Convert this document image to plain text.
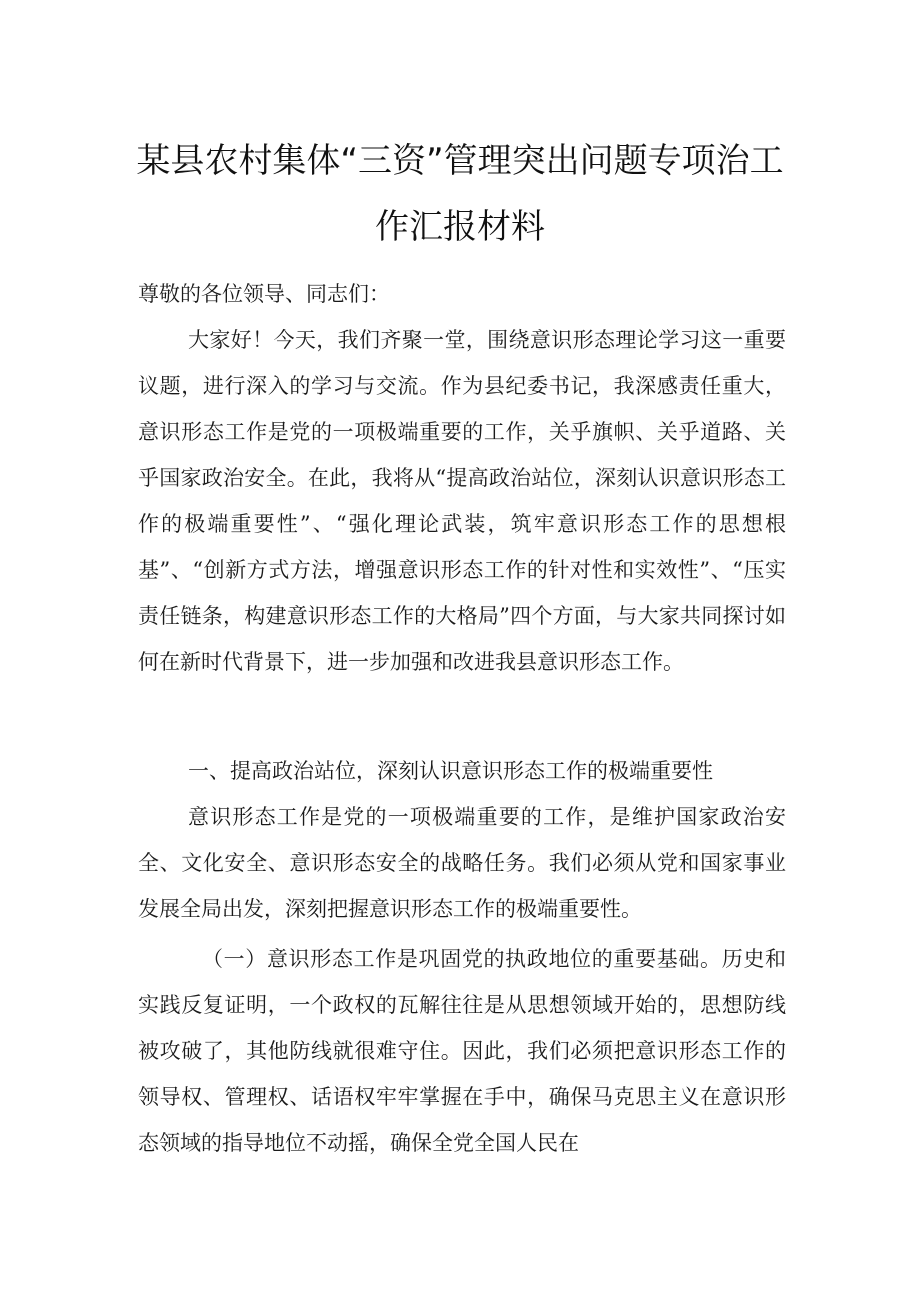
某县农村集体“三资”管理突出问题专项治工作汇报材料

尊敬的各位领导、同志们：

大家好！今天，我们齐聚一堂，围绕意识形态理论学习这一重要议题，进行深入的学习与交流。作为县纪委书记，我深感责任重大，意识形态工作是党的一项极端重要的工作，关乎旗帜、关乎道路、关乎国家政治安全。在此，我将从“提高政治站位，深刻认识意识形态工作的极端重要性”、“强化理论武装，筑牢意识形态工作的思想根基”、“创新方式方法，增强意识形态工作的针对性和实效性”、“压实责任链条，构建意识形态工作的大格局”四个方面，与大家共同探讨如何在新时代背景下，进一步加强和改进我县意识形态工作。

一、提高政治站位，深刻认识意识形态工作的极端重要性

意识形态工作是党的一项极端重要的工作，是维护国家政治安全、文化安全、意识形态安全的战略任务。我们必须从党和国家事业发展全局出发，深刻把握意识形态工作的极端重要性。

（一）意识形态工作是巩固党的执政地位的重要基础。历史和实践反复证明，一个政权的瓦解往往是从思想领域开始的，思想防线被攻破了，其他防线就很难守住。因此，我们必须把意识形态工作的领导权、管理权、话语权牢牢掌握在手中，确保马克思主义在意识形态领域的指导地位不动摇，确保全党全国人民在
